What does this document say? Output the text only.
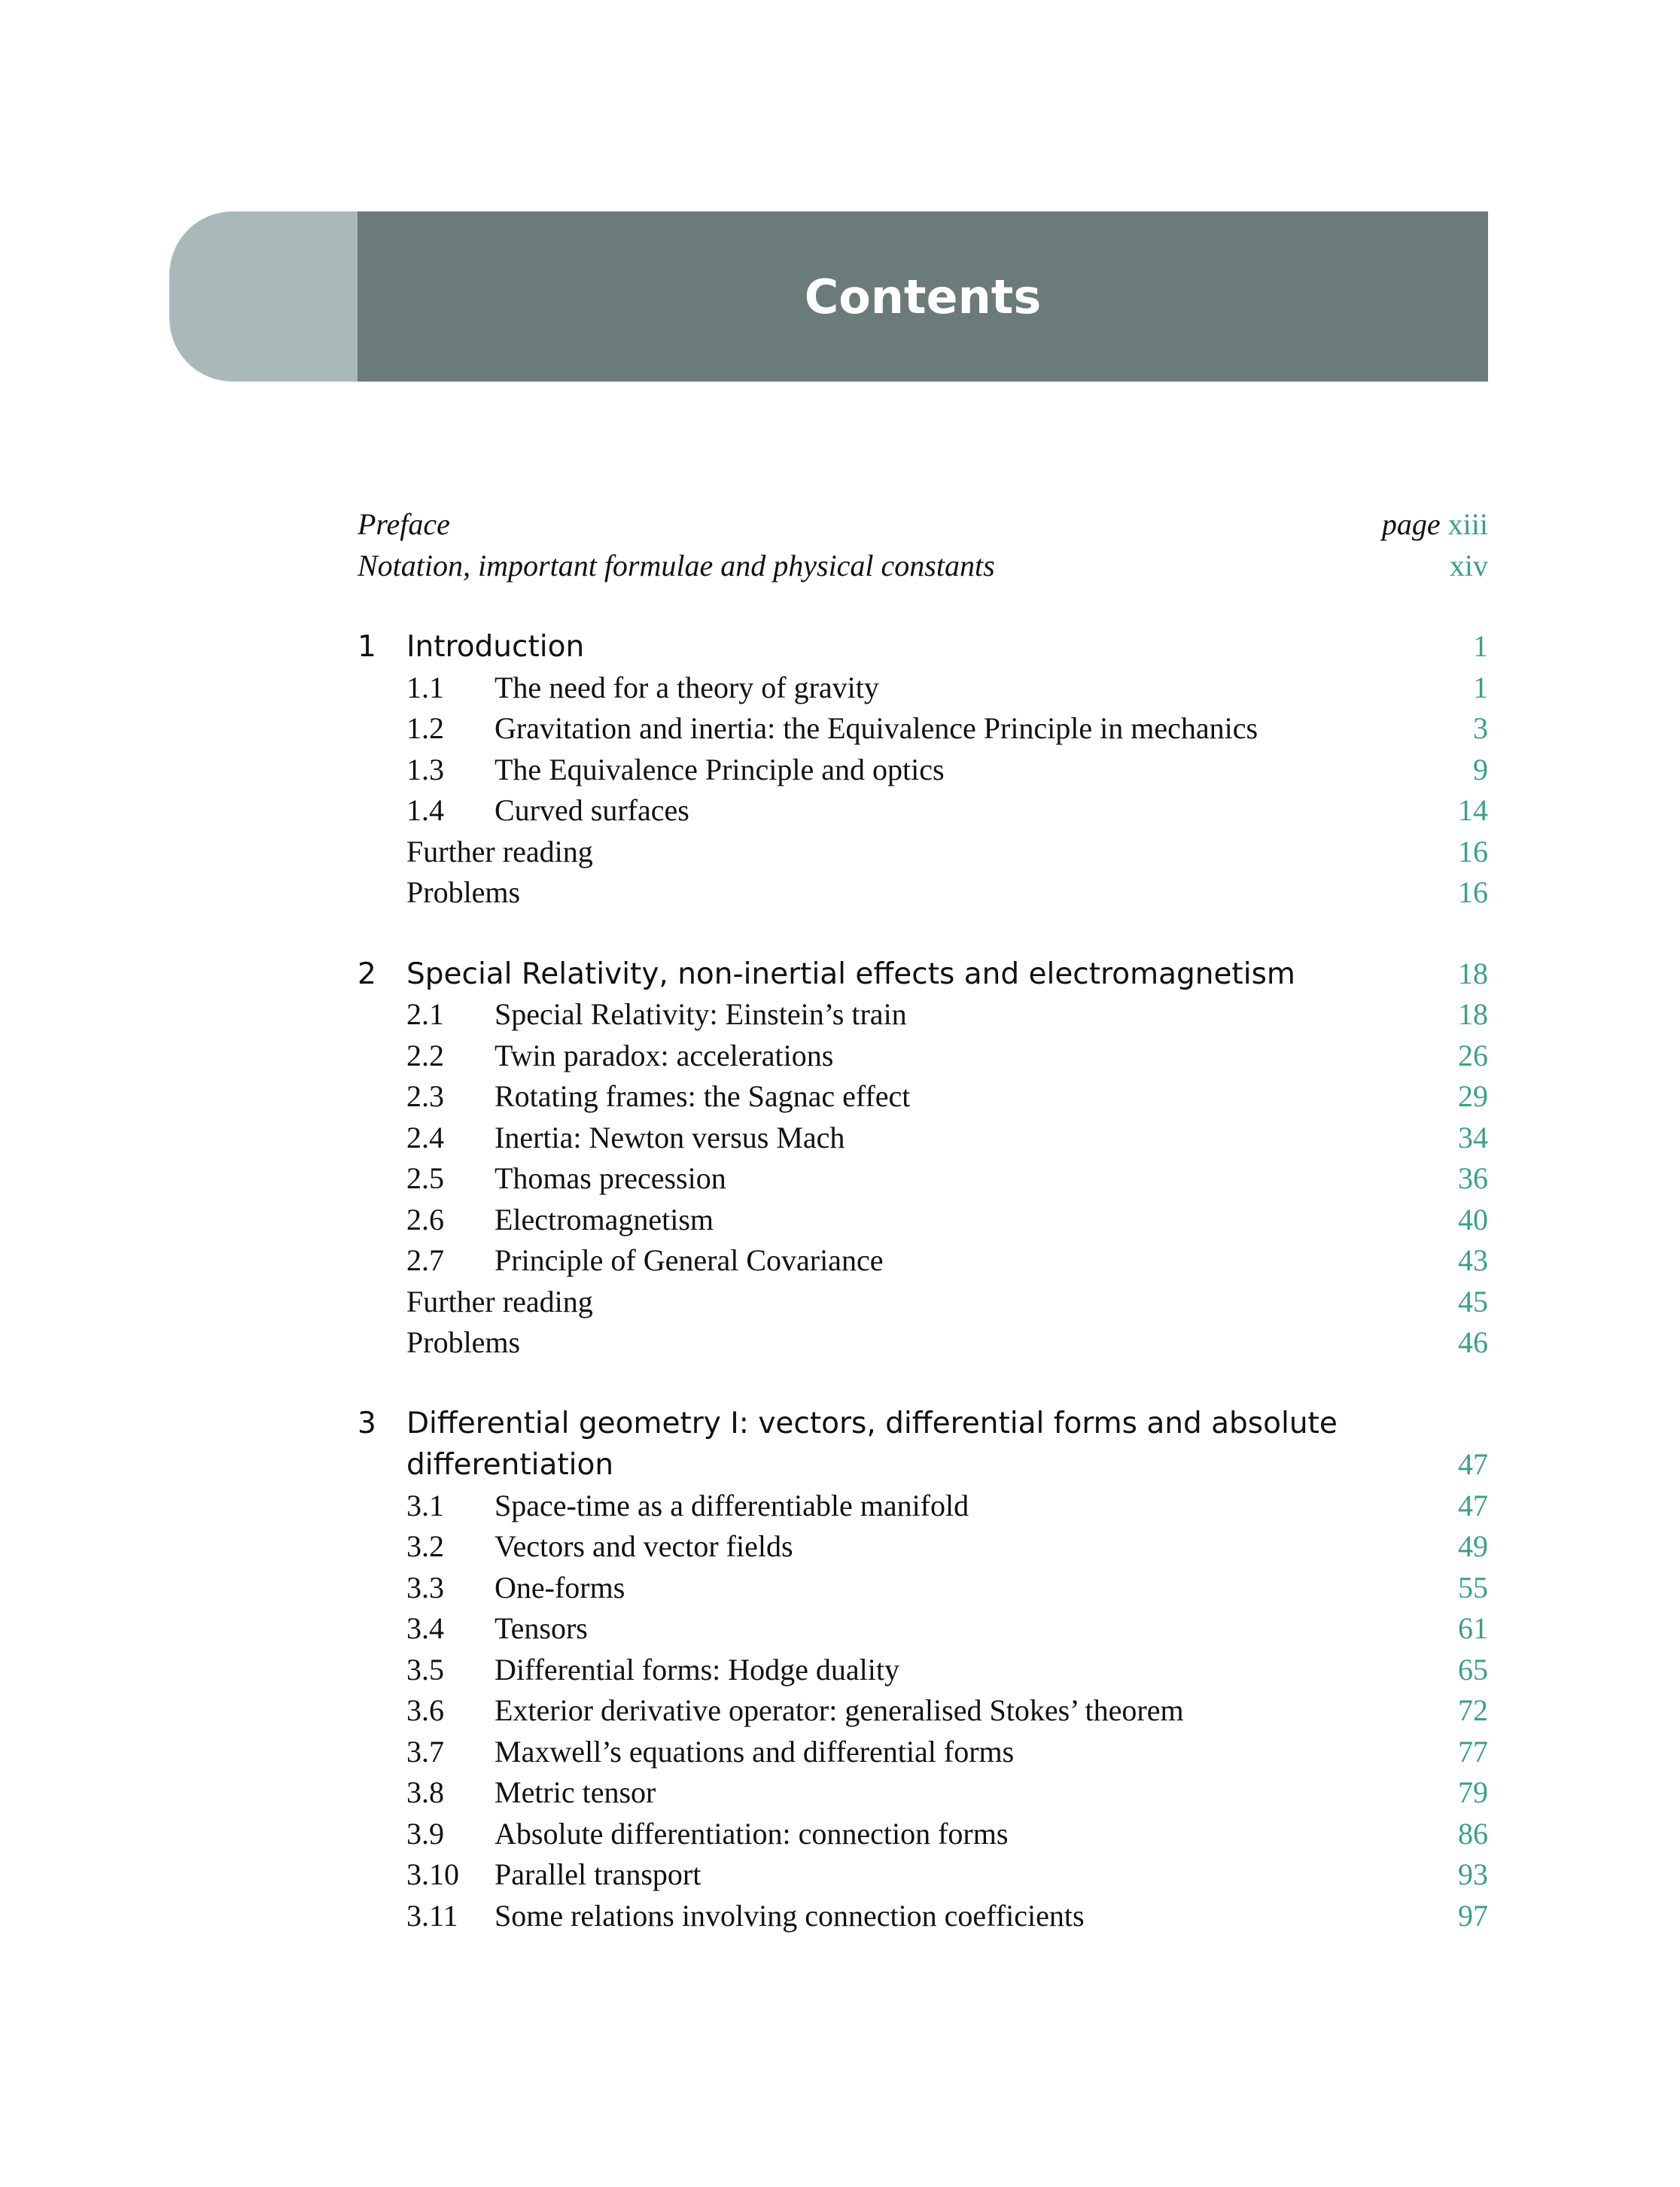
Contents
Preface	page xiii
Notation, important formulae and physical constants	xiv
1	Introduction	1
1.1	The need for a theory of gravity	1
1.2	Gravitation and inertia: the Equivalence Principle in mechanics	3
1.3	The Equivalence Principle and optics	9
1.4	Curved surfaces	14
Further reading	16
Problems	16
2	Special Relativity, non-inertial effects and electromagnetism	18
2.1	Special Relativity: Einstein’s train	18
2.2	Twin paradox: accelerations	26
2.3	Rotating frames: the Sagnac effect	29
2.4	Inertia: Newton versus Mach	34
2.5	Thomas precession	36
2.6	Electromagnetism	40
2.7	Principle of General Covariance	43
Further reading	45
Problems	46
3	Differential geometry I: vectors, differential forms and absolute
differentiation	47
3.1	Space-time as a differentiable manifold	47
3.2	Vectors and vector fields	49
3.3	One-forms	55
3.4	Tensors	61
3.5	Differential forms: Hodge duality	65
3.6	Exterior derivative operator: generalised Stokes’ theorem	72
3.7	Maxwell’s equations and differential forms	77
3.8	Metric tensor	79
3.9	Absolute differentiation: connection forms	86
3.10	Parallel transport	93
3.11	Some relations involving connection coefficients	97
